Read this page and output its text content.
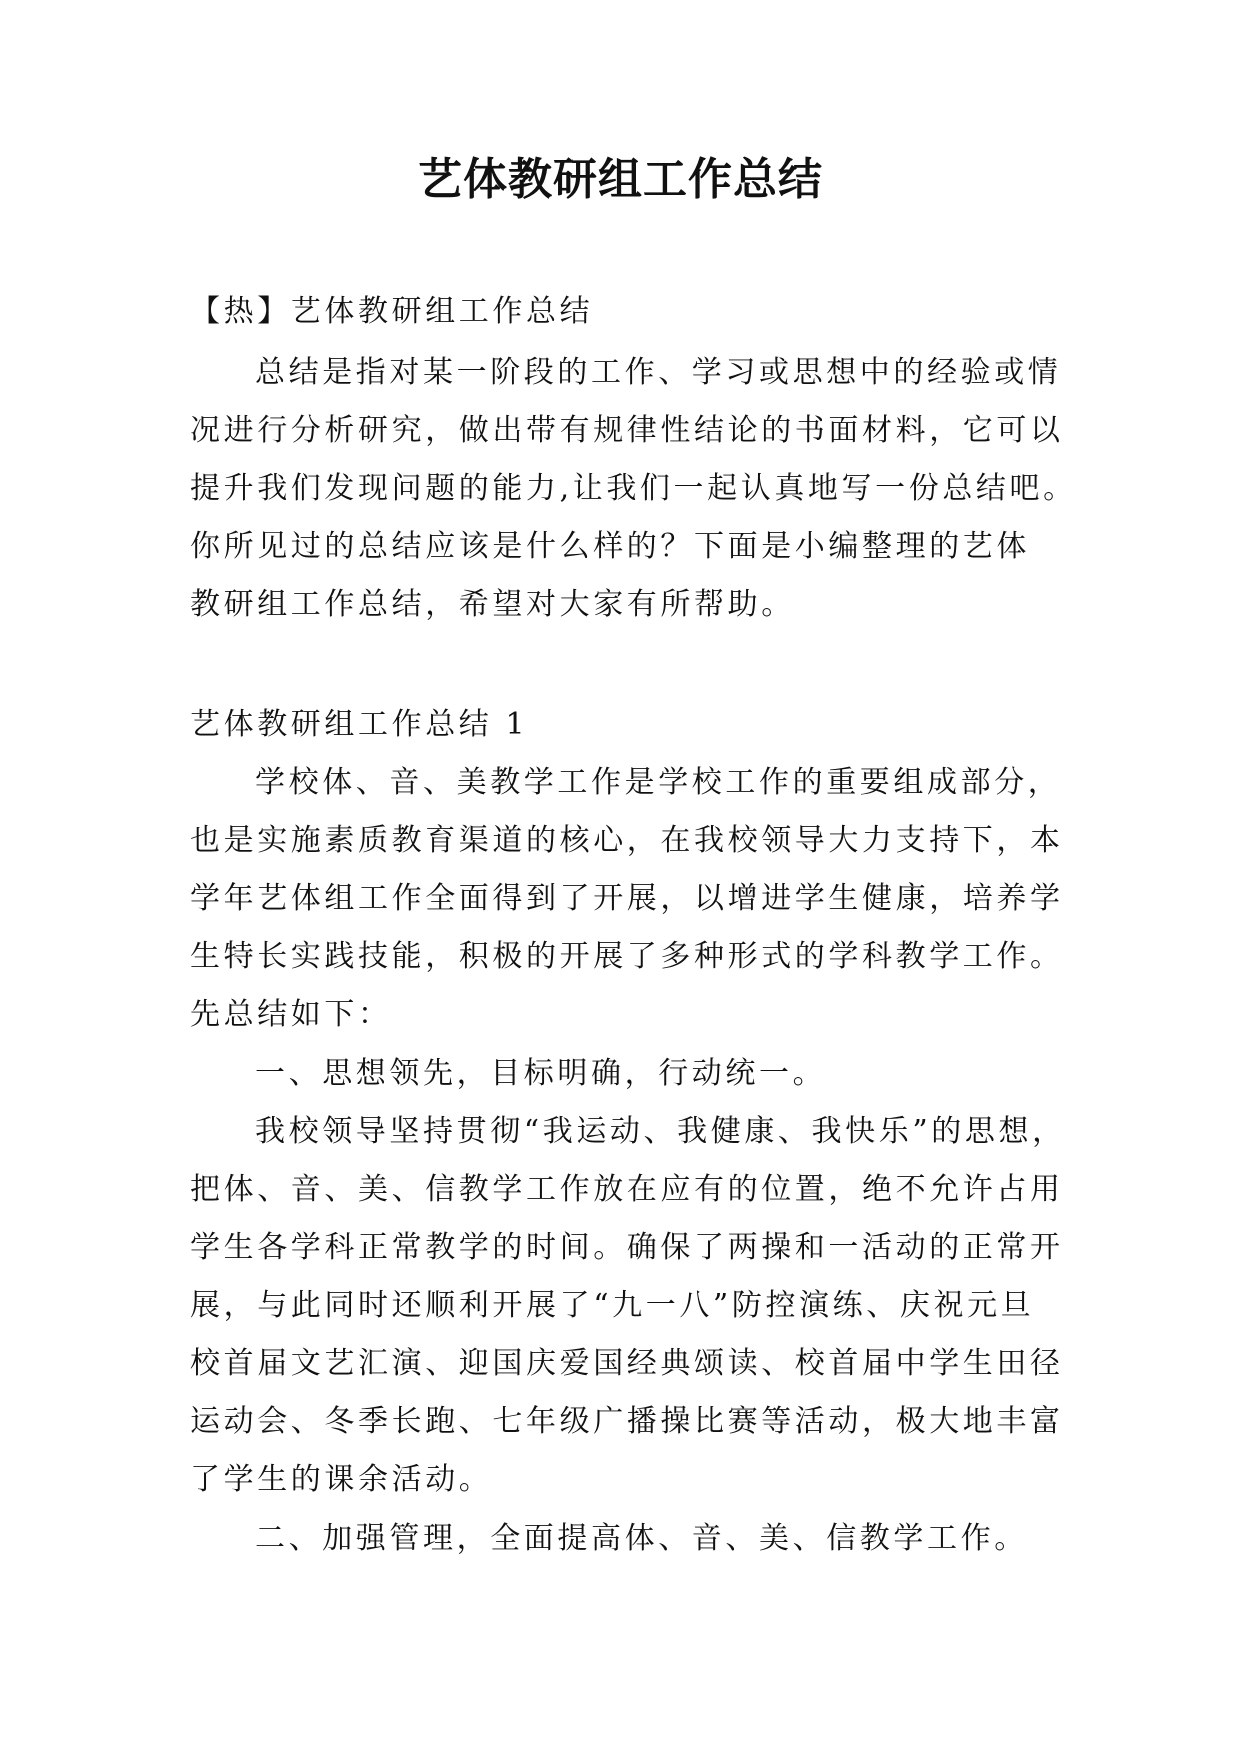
艺体教研组工作总结
【热】艺体教研组工作总结
总结是指对某一阶段的工作、学习或思想中的经验或情
况进行分析研究，做出带有规律性结论的书面材料，它可以
提升我们发现问题的能力,让我们一起认真地写一份总结吧。
你所见过的总结应该是什么样的？下面是小编整理的艺体
教研组工作总结，希望对大家有所帮助。
艺体教研组工作总结 1
学校体、音、美教学工作是学校工作的重要组成部分，
也是实施素质教育渠道的核心，在我校领导大力支持下，本
学年艺体组工作全面得到了开展，以增进学生健康，培养学
生特长实践技能，积极的开展了多种形式的学科教学工作。
先总结如下：
一、思想领先，目标明确，行动统一。
我校领导坚持贯彻“我运动、我健康、我快乐”的思想，
把体、音、美、信教学工作放在应有的位置，绝不允许占用
学生各学科正常教学的时间。确保了两操和一活动的正常开
展，与此同时还顺利开展了“九一八”防控演练、庆祝元旦
校首届文艺汇演、迎国庆爱国经典颂读、校首届中学生田径
运动会、冬季长跑、七年级广播操比赛等活动，极大地丰富
了学生的课余活动。
二、加强管理，全面提高体、音、美、信教学工作。
